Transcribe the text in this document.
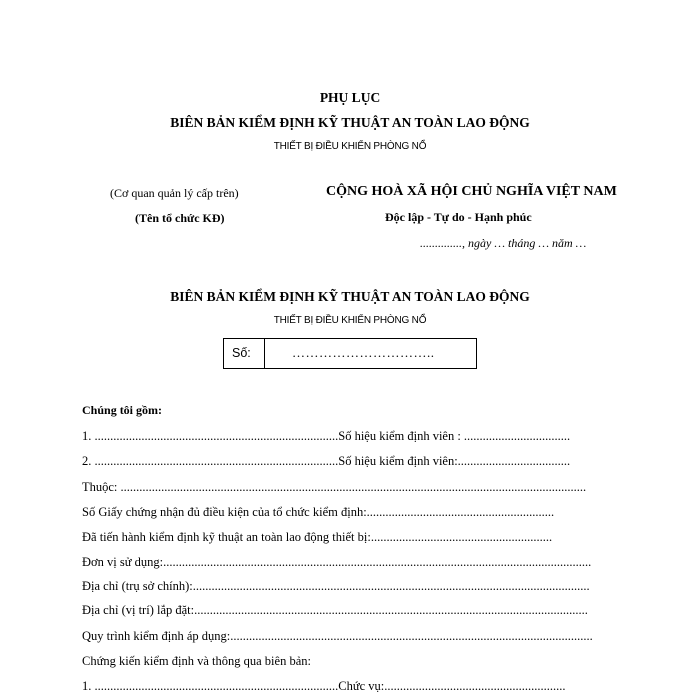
PHỤ LỤC
BIÊN BẢN KIỂM ĐỊNH KỸ THUẬT AN TOÀN LAO ĐỘNG
THIẾT BỊ ĐIỀU KHIỂN PHÒNG NỔ
(Cơ quan quản lý cấp trên)
(Tên tổ chức KĐ)
CỘNG HOÀ XÃ HỘI CHỦ NGHĨA VIỆT NAM
Độc lập - Tự do - Hạnh phúc
.............., ngày … tháng … năm …
BIÊN BẢN KIỂM ĐỊNH KỸ THUẬT AN TOÀN LAO ĐỘNG
THIẾT BỊ ĐIỀU KHIỂN PHÒNG NỔ
Số:	…………………………..
Chúng tôi gồm:
1. ..............................................................................Số hiệu kiểm định viên : ..................................
2. ..............................................................................Số hiệu kiểm định viên:....................................
Thuộc: .....................................................................................................................................................
Số Giấy chứng nhận đủ điều kiện của tổ chức kiểm định:............................................................
Đã tiến hành kiểm định kỹ thuật an toàn lao động thiết bị:..........................................................
Đơn vị sử dụng:.........................................................................................................................................
Địa chỉ (trụ sở chính):...............................................................................................................................
Địa chỉ (vị trí) lắp đặt:..............................................................................................................................
Quy trình kiểm định áp dụng:....................................................................................................................
Chứng kiến kiểm định và thông qua biên bản:
1. ..............................................................................Chức vụ:..........................................................
